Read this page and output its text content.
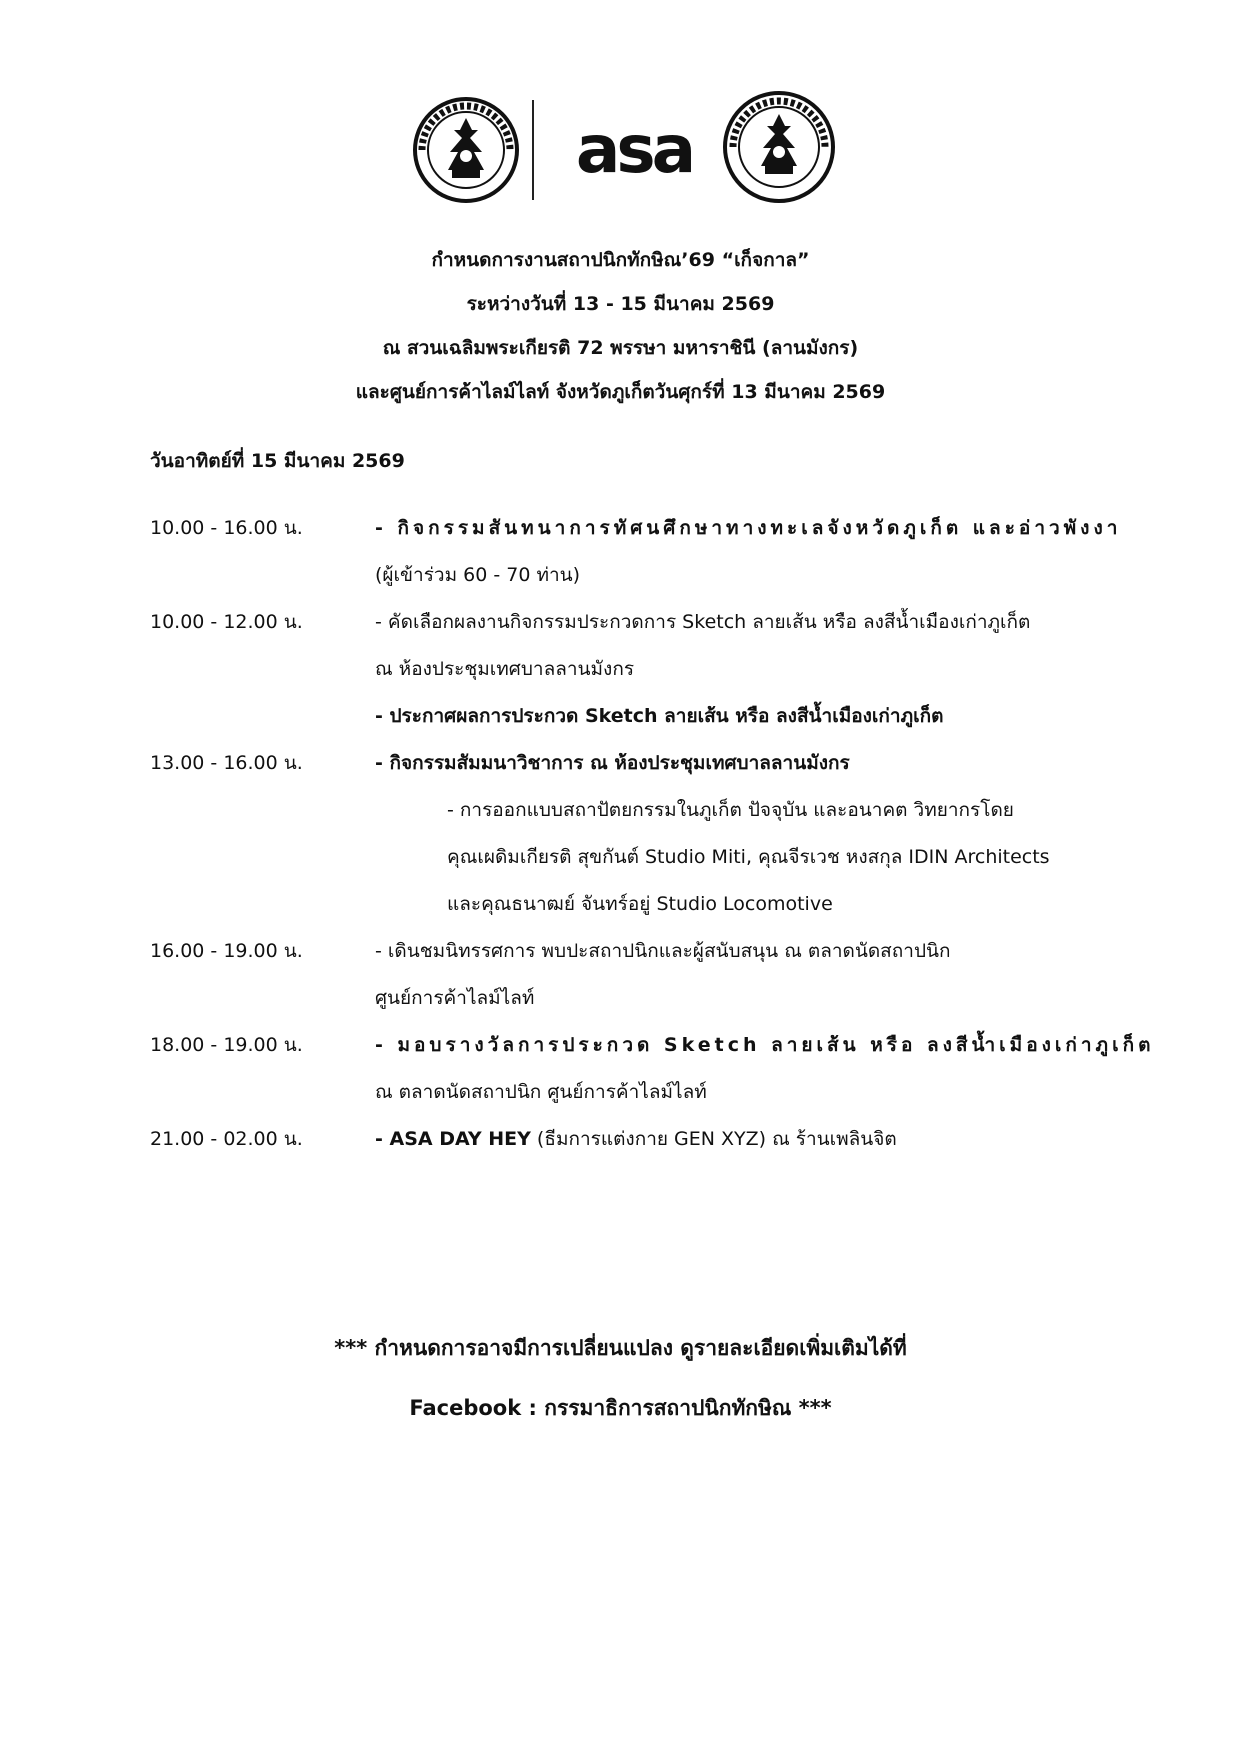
asa
กำหนดการงานสถาปนิกทักษิณ’69 “เก็จกาล”
ระหว่างวันที่ 13 - 15 มีนาคม 2569
ณ สวนเฉลิมพระเกียรติ 72 พรรษา มหาราชินี (ลานมังกร)
และศูนย์การค้าไลม์ไลท์ จังหวัดภูเก็ตวันศุกร์ที่ 13 มีนาคม 2569
วันอาทิตย์ที่ 15 มีนาคม 2569
10.00 - 16.00 น.	- กิจกรรมสันทนาการทัศนศึกษาทางทะเลจังหวัดภูเก็ต และอ่าวพังงา
(ผู้เข้าร่วม 60 - 70 ท่าน)
10.00 - 12.00 น.	- คัดเลือกผลงานกิจกรรมประกวดการ Sketch ลายเส้น หรือ ลงสีน้ำเมืองเก่าภูเก็ต
ณ ห้องประชุมเทศบาลลานมังกร
- ประกาศผลการประกวด Sketch ลายเส้น หรือ ลงสีน้ำเมืองเก่าภูเก็ต
13.00 - 16.00 น.	- กิจกรรมสัมมนาวิชาการ ณ ห้องประชุมเทศบาลลานมังกร
- การออกแบบสถาปัตยกรรมในภูเก็ต ปัจจุบัน และอนาคต วิทยากรโดย
คุณเผดิมเกียรติ สุขกันต์ Studio Miti, คุณจีรเวช หงสกุล IDIN Architects
และคุณธนาฒย์ จันทร์อยู่ Studio Locomotive
16.00 - 19.00 น.	- เดินชมนิทรรศการ พบปะสถาปนิกและผู้สนับสนุน ณ ตลาดนัดสถาปนิก
ศูนย์การค้าไลม์ไลท์
18.00 - 19.00 น.	- มอบรางวัลการประกวด Sketch ลายเส้น หรือ ลงสีน้ำเมืองเก่าภูเก็ต
ณ ตลาดนัดสถาปนิก ศูนย์การค้าไลม์ไลท์
21.00 - 02.00 น.	- ASA DAY HEY (ธีมการแต่งกาย GEN XYZ) ณ ร้านเพลินจิต
*** กำหนดการอาจมีการเปลี่ยนแปลง ดูรายละเอียดเพิ่มเติมได้ที่
Facebook : กรรมาธิการสถาปนิกทักษิณ ***
